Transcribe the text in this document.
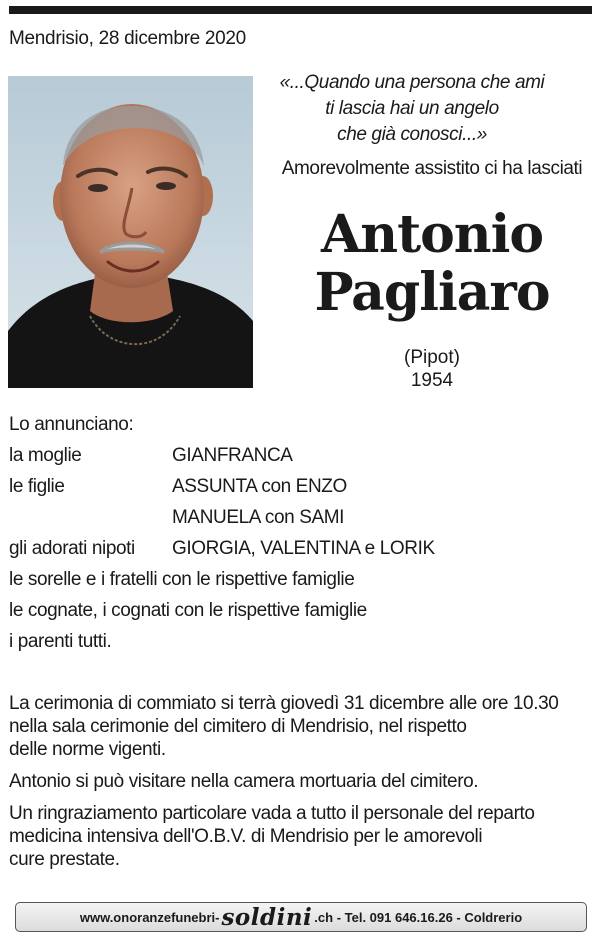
Mendrisio, 28 dicembre 2020
«...Quando una persona che ami
ti lascia hai un angelo
che già conosci...»
Amorevolmente assistito ci ha lasciati
Antonio
Pagliaro
(Pipot)
1954
Lo annunciano:
la moglie	GIANFRANCA
le figlie	ASSUNTA con ENZO
MANUELA con SAMI
gli adorati nipoti GIORGIA, VALENTINA e LORIK
le sorelle e i fratelli con le rispettive famiglie
le cognate, i cognati con le rispettive famiglie
i parenti tutti.
La cerimonia di commiato si terrà giovedì 31 dicembre alle ore 10.30
nella sala cerimonie del cimitero di Mendrisio, nel rispetto
delle norme vigenti.
Antonio si può visitare nella camera mortuaria del cimitero.
Un ringraziamento particolare vada a tutto il personale del reparto
medicina intensiva dell'O.B.V. di Mendrisio per le amorevoli
cure prestate.
www.onoranzefunebri- soldini .ch - Tel. 091 646.16.26 - Coldrerio
